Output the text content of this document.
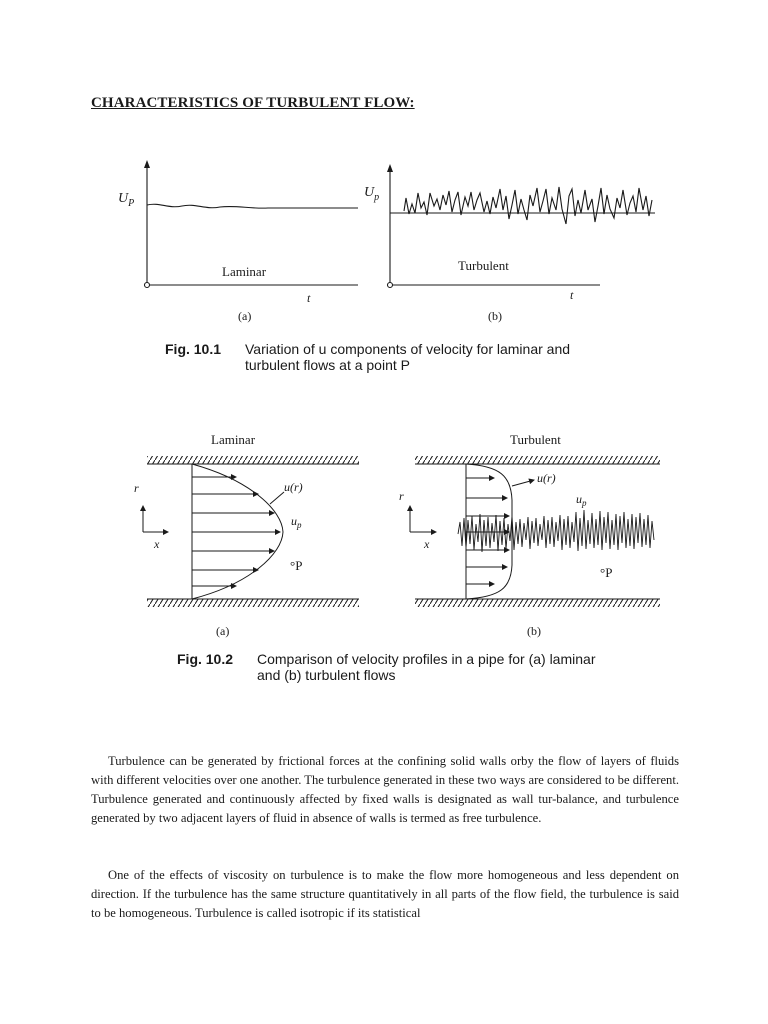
CHARACTERISTICS OF TURBULENT FLOW:
$U_P$
Laminar
t
(a)
$U_p$
Turbulent
t
(b)
Fig. 10.1 Variation of u components of velocity for laminar and
turbulent flows at a point P
Laminar
r
x
u(r)
$u_p$
°P
(a)
Turbulent
r
x
u(r)
$u_p$
°P
(b)
Fig. 10.2 Comparison of velocity profiles in a pipe for (a) laminar
and (b) turbulent flows

Turbulence can be generated by frictional forces at the confining solid walls orby the flow of layers of fluids with different velocities over one another. The turbulence generated in these two ways are considered to be different. Turbulence generated and continuously affected by fixed walls is designated as wall tur-balance, and turbulence generated by two adjacent layers of fluid in absence of walls is termed as free turbulence.

One of the effects of viscosity on turbulence is to make the flow more homogeneous and less dependent on direction. If the turbulence has the same structure quantitatively in all parts of the flow field, the turbulence is said to be homogeneous. Turbulence is called isotropic if its statistical
